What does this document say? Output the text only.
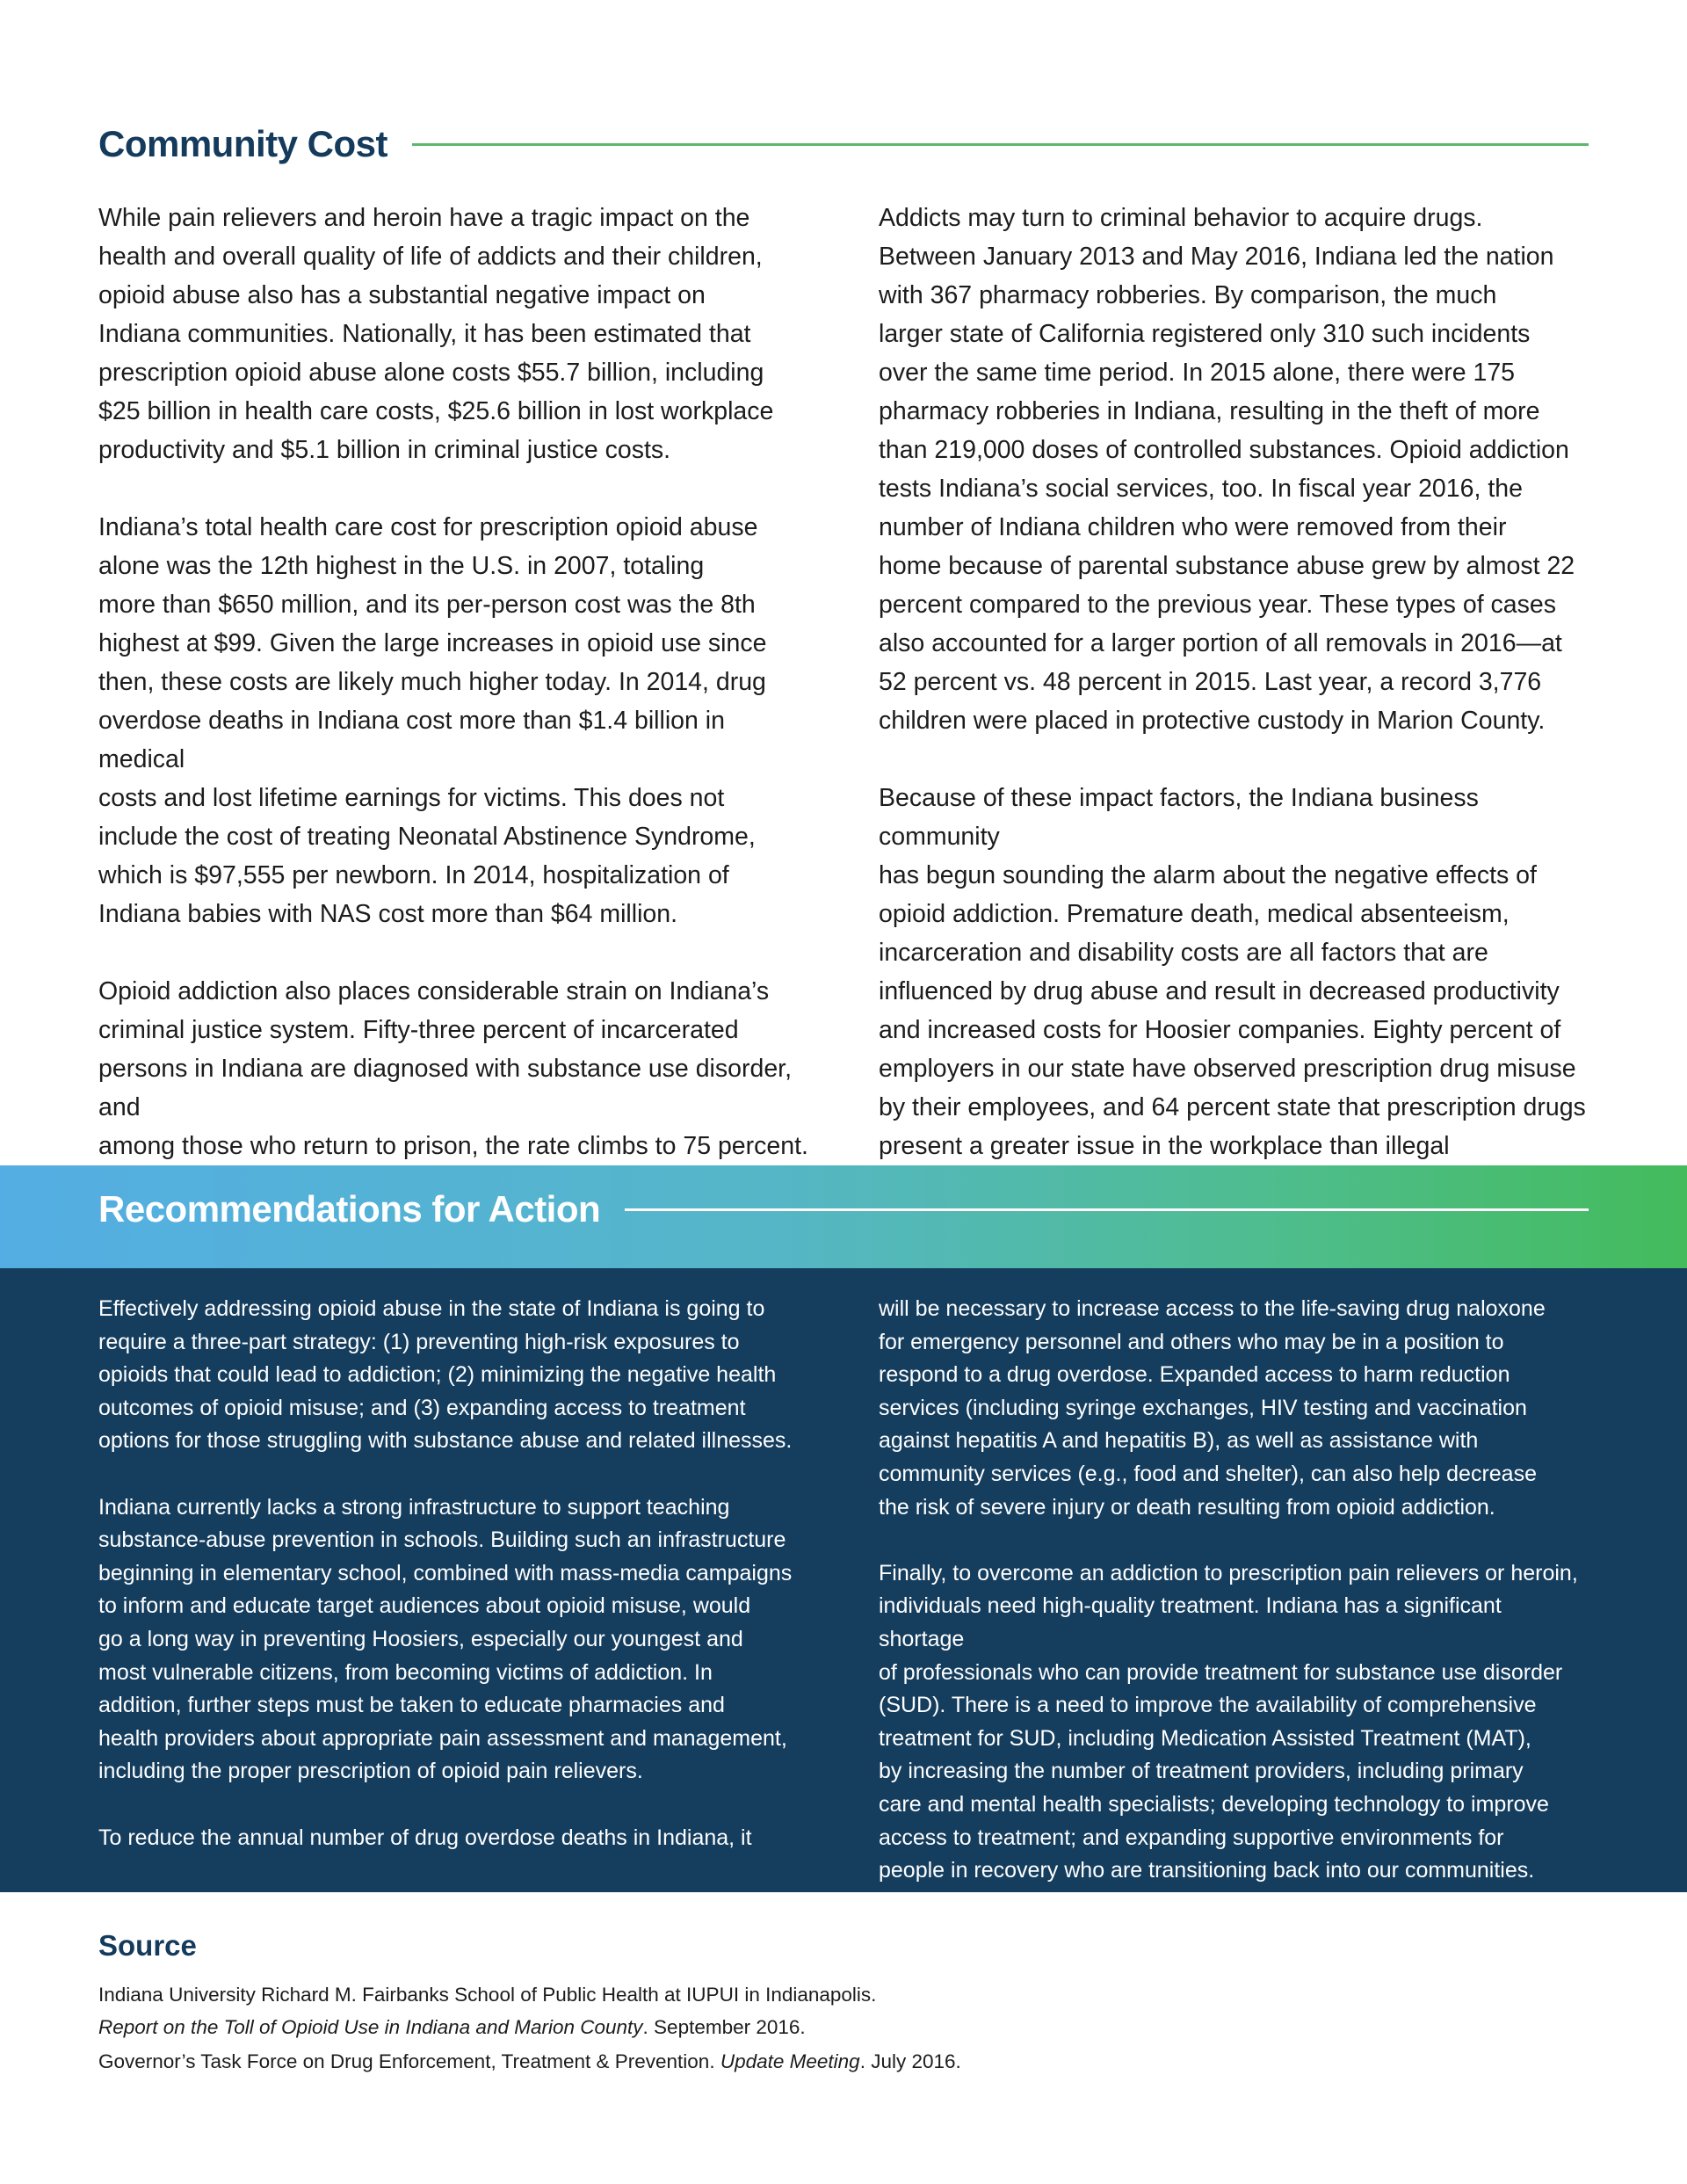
Community Cost

While pain relievers and heroin have a tragic impact on the
health and overall quality of life of addicts and their children,
opioid abuse also has a substantial negative impact on
Indiana communities. Nationally, it has been estimated that
prescription opioid abuse alone costs $55.7 billion, including
$25 billion in health care costs, $25.6 billion in lost workplace
productivity and $5.1 billion in criminal justice costs.

Indiana’s total health care cost for prescription opioid abuse
alone was the 12th highest in the U.S. in 2007, totaling
more than $650 million, and its per-person cost was the 8th
highest at $99. Given the large increases in opioid use since
then, these costs are likely much higher today. In 2014, drug
overdose deaths in Indiana cost more than $1.4 billion in medical
costs and lost lifetime earnings for victims. This does not
include the cost of treating Neonatal Abstinence Syndrome,
which is $97,555 per newborn. In 2014, hospitalization of
Indiana babies with NAS cost more than $64 million.

Opioid addiction also places considerable strain on Indiana’s
criminal justice system. Fifty-three percent of incarcerated
persons in Indiana are diagnosed with substance use disorder, and
among those who return to prison, the rate climbs to 75 percent.

Addicts may turn to criminal behavior to acquire drugs.
Between January 2013 and May 2016, Indiana led the nation
with 367 pharmacy robberies. By comparison, the much
larger state of California registered only 310 such incidents
over the same time period. In 2015 alone, there were 175
pharmacy robberies in Indiana, resulting in the theft of more
than 219,000 doses of controlled substances. Opioid addiction
tests Indiana’s social services, too. In fiscal year 2016, the
number of Indiana children who were removed from their
home because of parental substance abuse grew by almost 22
percent compared to the previous year. These types of cases
also accounted for a larger portion of all removals in 2016—at
52 percent vs. 48 percent in 2015. Last year, a record 3,776
children were placed in protective custody in Marion County.

Because of these impact factors, the Indiana business community
has begun sounding the alarm about the negative effects of
opioid addiction. Premature death, medical absenteeism,
incarceration and disability costs are all factors that are
influenced by drug abuse and result in decreased productivity
and increased costs for Hoosier companies. Eighty percent of
employers in our state have observed prescription drug misuse
by their employees, and 64 percent state that prescription drugs
present a greater issue in the workplace than illegal

Recommendations for Action

Effectively addressing opioid abuse in the state of Indiana is going to
require a three-part strategy: (1) preventing high-risk exposures to
opioids that could lead to addiction; (2) minimizing the negative health
outcomes of opioid misuse; and (3) expanding access to treatment
options for those struggling with substance abuse and related illnesses.

Indiana currently lacks a strong infrastructure to support teaching
substance-abuse prevention in schools. Building such an infrastructure
beginning in elementary school, combined with mass-media campaigns
to inform and educate target audiences about opioid misuse, would
go a long way in preventing Hoosiers, especially our youngest and
most vulnerable citizens, from becoming victims of addiction. In
addition, further steps must be taken to educate pharmacies and
health providers about appropriate pain assessment and management,
including the proper prescription of opioid pain relievers.

To reduce the annual number of drug overdose deaths in Indiana, it

will be necessary to increase access to the life-saving drug naloxone
for emergency personnel and others who may be in a position to
respond to a drug overdose. Expanded access to harm reduction
services (including syringe exchanges, HIV testing and vaccination
against hepatitis A and hepatitis B), as well as assistance with
community services (e.g., food and shelter), can also help decrease
the risk of severe injury or death resulting from opioid addiction.

Finally, to overcome an addiction to prescription pain relievers or heroin,
individuals need high-quality treatment. Indiana has a significant shortage
of professionals who can provide treatment for substance use disorder
(SUD). There is a need to improve the availability of comprehensive
treatment for SUD, including Medication Assisted Treatment (MAT),
by increasing the number of treatment providers, including primary
care and mental health specialists; developing technology to improve
access to treatment; and expanding supportive environments for
people in recovery who are transitioning back into our communities.

Source

Indiana University Richard M. Fairbanks School of Public Health at IUPUI in Indianapolis.
Report on the Toll of Opioid Use in Indiana and Marion County. September 2016.

Governor’s Task Force on Drug Enforcement, Treatment & Prevention. Update Meeting. July 2016.
